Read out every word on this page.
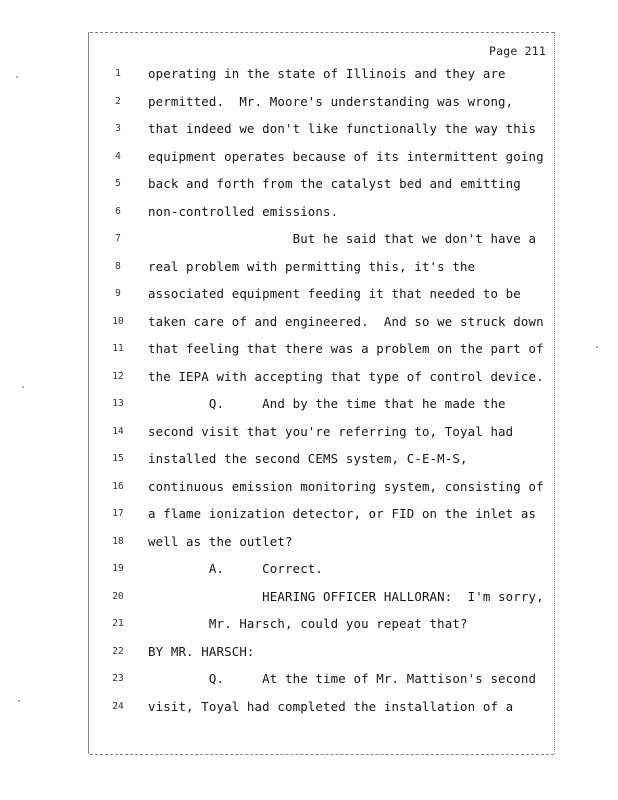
Page 211
1	operating in the state of Illinois and they are
2	permitted.  Mr. Moore's understanding was wrong,
3	that indeed we don't like functionally the way this
4	equipment operates because of its intermittent going
5	back and forth from the catalyst bed and emitting
6	non-controlled emissions.
7	But he said that we don't have a
8	real problem with permitting this, it's the
9	associated equipment feeding it that needed to be
10	taken care of and engineered.  And so we struck down
11	that feeling that there was a problem on the part of
12	the IEPA with accepting that type of control device.
13	Q.     And by the time that he made the
14	second visit that you're referring to, Toyal had
15	installed the second CEMS system, C-E-M-S,
16	continuous emission monitoring system, consisting of
17	a flame ionization detector, or FID on the inlet as
18	well as the outlet?
19	A.     Correct.
20	HEARING OFFICER HALLORAN:  I'm sorry,
21	Mr. Harsch, could you repeat that?
22	BY MR. HARSCH:
23	Q.     At the time of Mr. Mattison's second
24	visit, Toyal had completed the installation of a
